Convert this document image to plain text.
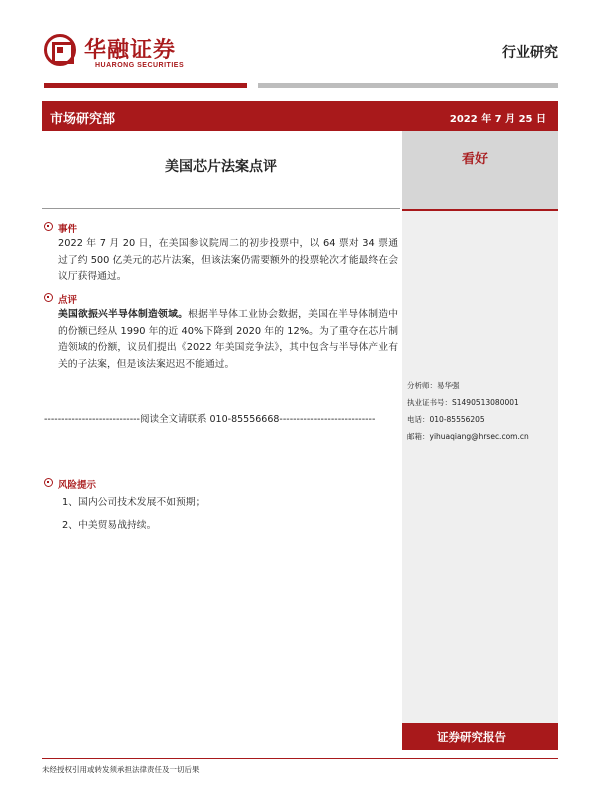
华融证券
HUARONG SECURITIES
行业研究
市场研究部	2022 年 7 月 25 日
美国芯片法案点评	看好
分析师：易华强
执业证书号：S1490513080001
电话：010-85556205
邮箱：yihuaqiang@hrsec.com.cn
证券研究报告
事件
2022 年 7 月 20 日，在美国参议院周二的初步投票中，以 64 票对 34 票通过了约 500 亿美元的芯片法案，但该法案仍需要额外的投票轮次才能最终在会议厅获得通过。
点评
美国欲振兴半导体制造领域。根据半导体工业协会数据，美国在半导体制造中的份额已经从 1990 年的近 40%下降到 2020 年的 12%。为了重夺在芯片制造领域的份额，议员们提出《2022 年美国竞争法》，其中包含与半导体产业有关的子法案，但是该法案迟迟不能通过。
----------------------------阅读全文请联系 010-85556668----------------------------
风险提示
1、国内公司技术发展不如预期；
2、中美贸易战持续。
未经授权引用或转发须承担法律责任及一切后果
